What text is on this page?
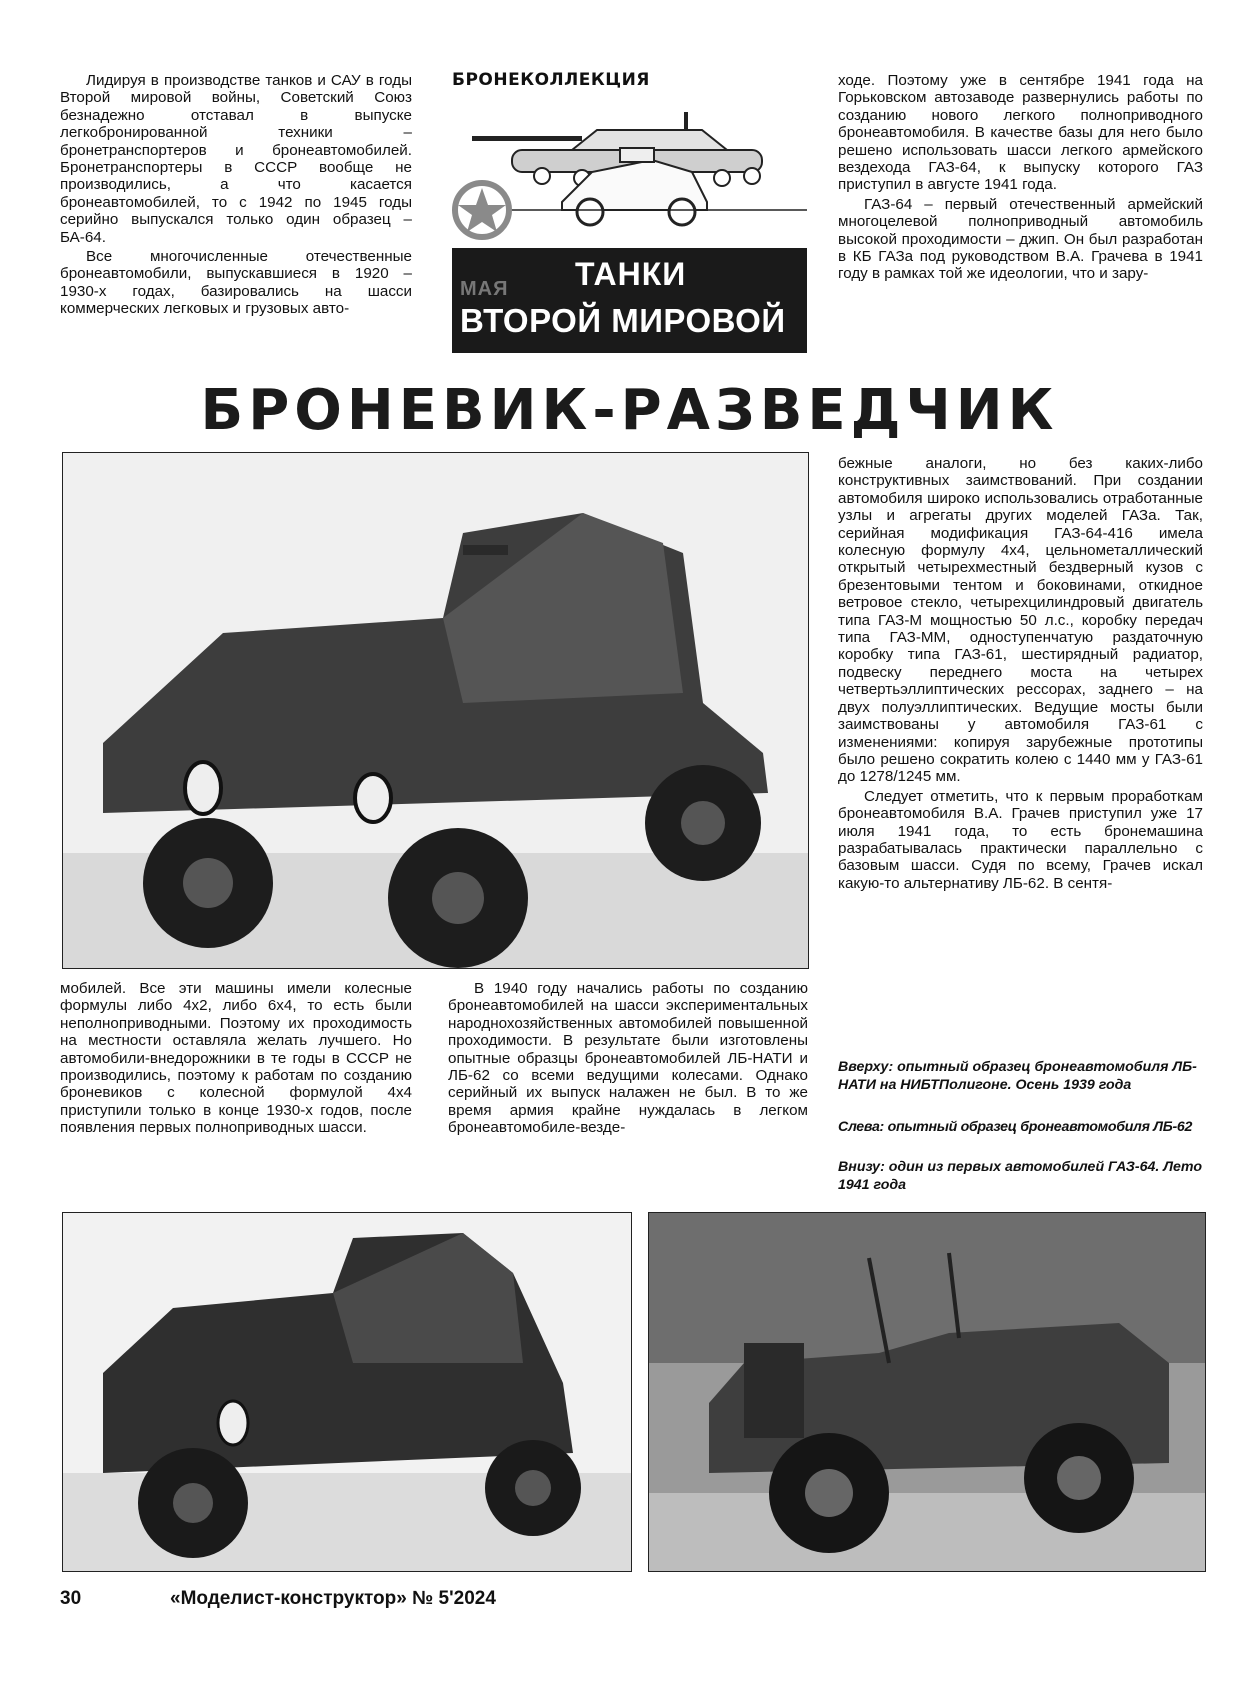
Лидируя в производстве танков и САУ в годы Второй мировой войны, Советский Союз безнадежно отставал в выпуске легкобронированной техники – бронетранспортеров и бронеавтомобилей. Бронетранспортеры в СССР вообще не производились, а что касается бронеавтомобилей, то с 1942 по 1945 годы серийно выпускался только один образец – БА-64.

Все многочисленные отечественные бронеавтомобили, выпускавшиеся в 1920 – 1930-х годах, базировались на шасси коммерческих легковых и грузовых авто-

БРОНЕКОЛЛЕКЦИЯ
МАЯ ТАНКИ
ВТОРОЙ МИРОВОЙ

ходе. Поэтому уже в сентябре 1941 года на Горьковском автозаводе развернулись работы по созданию нового легкого полноприводного бронеавтомобиля. В качестве базы для него было решено использовать шасси легкого армейского вездехода ГАЗ-64, к выпуску которого ГАЗ приступил в августе 1941 года.

ГАЗ-64 – первый отечественный армейский многоцелевой полноприводный автомобиль высокой проходимости – джип. Он был разработан в КБ ГАЗа под руководством В.А. Грачева в 1941 году в рамках той же идеологии, что и зару-

БРОНЕВИК-РАЗВЕДЧИК

бежные аналоги, но без каких-либо конструктивных заимствований. При создании автомобиля широко использовались отработанные узлы и агрегаты других моделей ГАЗа. Так, серийная модификация ГАЗ-64-416 имела колесную формулу 4х4, цельнометаллический открытый четырехместный бездверный кузов с брезентовыми тентом и боковинами, откидное ветровое стекло, четырехцилиндровый двигатель типа ГАЗ-М мощностью 50 л.с., коробку передач типа ГАЗ-ММ, одноступенчатую раздаточную коробку типа ГАЗ-61, шестирядный радиатор, подвеску переднего моста на четырех четвертьэллиптических рессорах, заднего – на двух полуэллиптических. Ведущие мосты были заимствованы у автомобиля ГАЗ-61 с изменениями: копируя зарубежные прототипы было решено сократить колею с 1440 мм у ГАЗ-61 до 1278/1245 мм.

Следует отметить, что к первым проработкам бронеавтомобиля В.А. Грачев приступил уже 17 июля 1941 года, то есть бронемашина разрабатывалась практически параллельно с базовым шасси. Судя по всему, Грачев искал какую-то альтернативу ЛБ-62. В сентя-

мобилей. Все эти машины имели колесные формулы либо 4х2, либо 6х4, то есть были неполноприводными. Поэтому их проходимость на местности оставляла желать лучшего. Но автомобили-внедорожники в те годы в СССР не производились, поэтому к работам по созданию броневиков с колесной формулой 4х4 приступили только в конце 1930-х годов, после появления первых полноприводных шасси.

В 1940 году начались работы по созданию бронеавтомобилей на шасси экспериментальных народнохозяйственных автомобилей повышенной проходимости. В результате были изготовлены опытные образцы бронеавтомобилей ЛБ-НАТИ и ЛБ-62 со всеми ведущими колесами. Однако серийный их выпуск налажен не был. В то же время армия крайне нуждалась в легком бронеавтомобиле-везде-

Вверху: опытный образец бронеавтомобиля ЛБ-НАТИ на НИБТПолигоне. Осень 1939 года
Слева: опытный образец бронеавтомобиля ЛБ-62
Внизу: один из первых автомобилей ГАЗ-64. Лето 1941 года
30	«Моделист-конструктор» № 5'2024
